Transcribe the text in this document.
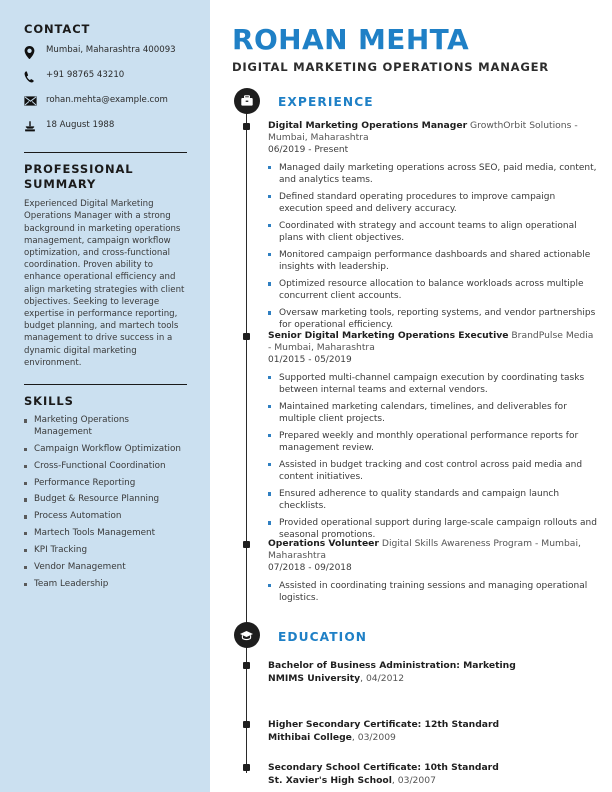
CONTACT
Mumbai, Maharashtra 400093
+91 98765 43210
rohan.mehta@example.com
18 August 1988
PROFESSIONAL SUMMARY

Experienced Digital Marketing Operations Manager with a strong background in marketing operations management, campaign workflow optimization, and cross-functional coordination. Proven ability to enhance operational efficiency and align marketing strategies with client objectives. Seeking to leverage expertise in performance reporting, budget planning, and martech tools management to drive success in a dynamic digital marketing environment.

SKILLS
Marketing Operations Management
Campaign Workflow Optimization
Cross-Functional Coordination
Performance Reporting
Budget & Resource Planning
Process Automation
Martech Tools Management
KPI Tracking
Vendor Management
Team Leadership
ROHAN MEHTA
DIGITAL MARKETING OPERATIONS MANAGER
EXPERIENCE
EDUCATION
Digital Marketing Operations Manager GrowthOrbit Solutions - Mumbai, Maharashtra
06/2019 - Present
Managed daily marketing operations across SEO, paid media, content, and analytics teams.
Defined standard operating procedures to improve campaign execution speed and delivery accuracy.
Coordinated with strategy and account teams to align operational plans with client objectives.
Monitored campaign performance dashboards and shared actionable insights with leadership.
Optimized resource allocation to balance workloads across multiple concurrent client accounts.
Oversaw marketing tools, reporting systems, and vendor partnerships for operational efficiency.
Senior Digital Marketing Operations Executive BrandPulse Media - Mumbai, Maharashtra
01/2015 - 05/2019
Supported multi-channel campaign execution by coordinating tasks between internal teams and external vendors.
Maintained marketing calendars, timelines, and deliverables for multiple client projects.
Prepared weekly and monthly operational performance reports for management review.
Assisted in budget tracking and cost control across paid media and content initiatives.
Ensured adherence to quality standards and campaign launch checklists.
Provided operational support during large-scale campaign rollouts and seasonal promotions.
Operations Volunteer Digital Skills Awareness Program - Mumbai, Maharashtra
07/2018 - 09/2018
Assisted in coordinating training sessions and managing operational logistics.
Bachelor of Business Administration: Marketing
NMIMS University, 04/2012
Higher Secondary Certificate: 12th Standard
Mithibai College, 03/2009
Secondary School Certificate: 10th Standard
St. Xavier's High School, 03/2007
